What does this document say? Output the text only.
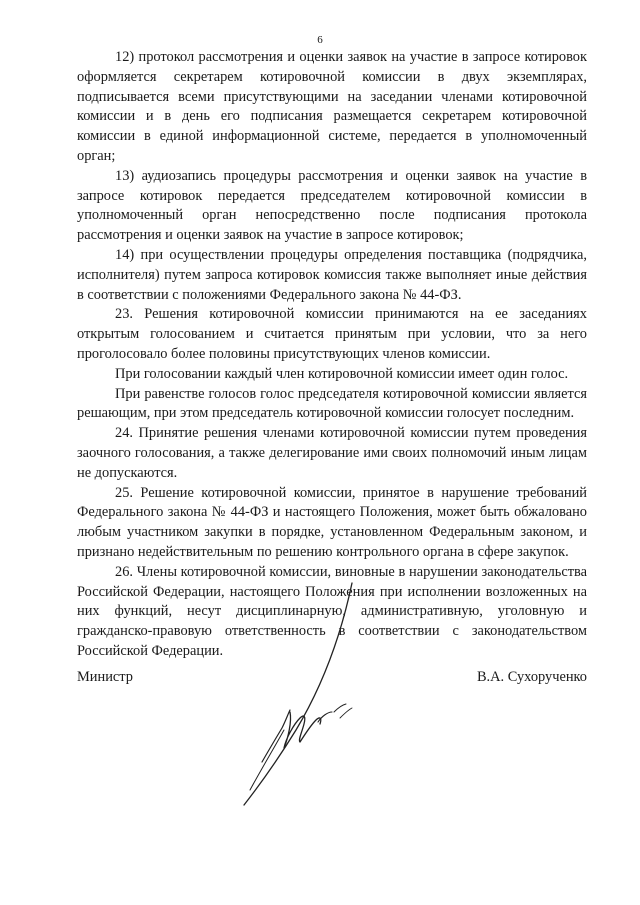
6

12) протокол рассмотрения и оценки заявок на участие в запросе котировок оформляется секретарем котировочной комиссии в двух экземплярах, подписывается всеми присутствующими на заседании членами котировочной комиссии и в день его подписания размещается секретарем котировочной комиссии в единой информационной системе, передается в уполномоченный орган;

13) аудиозапись процедуры рассмотрения и оценки заявок на участие в запросе котировок передается председателем котировочной комиссии в уполномоченный орган непосредственно после подписания протокола рассмотрения и оценки заявок на участие в запросе котировок;

14) при осуществлении процедуры определения поставщика (подрядчика, исполнителя) путем запроса котировок комиссия также выполняет иные действия в соответствии с положениями Федерального закона № 44-ФЗ.

23. Решения котировочной комиссии принимаются на ее заседаниях открытым голосованием и считается принятым при условии, что за него проголосовало более половины присутствующих членов комиссии.

При голосовании каждый член котировочной комиссии имеет один голос.

При равенстве голосов голос председателя котировочной комиссии является решающим, при этом председатель котировочной комиссии голосует последним.

24. Принятие решения членами котировочной комиссии путем проведения заочного голосования, а также делегирование ими своих полномочий иным лицам не допускаются.

25. Решение котировочной комиссии, принятое в нарушение требований Федерального закона № 44-ФЗ и настоящего Положения, может быть обжаловано любым участником закупки в порядке, установленном Федеральным законом, и признано недействительным по решению контрольного органа в сфере закупок.

26. Члены котировочной комиссии, виновные в нарушении законодательства Российской Федерации, настоящего Положения при исполнении возложенных на них функций, несут дисциплинарную, административную, уголовную и гражданско-правовую ответственность в соответствии с законодательством Российской Федерации.

Министр	В.А. Сухорученко
